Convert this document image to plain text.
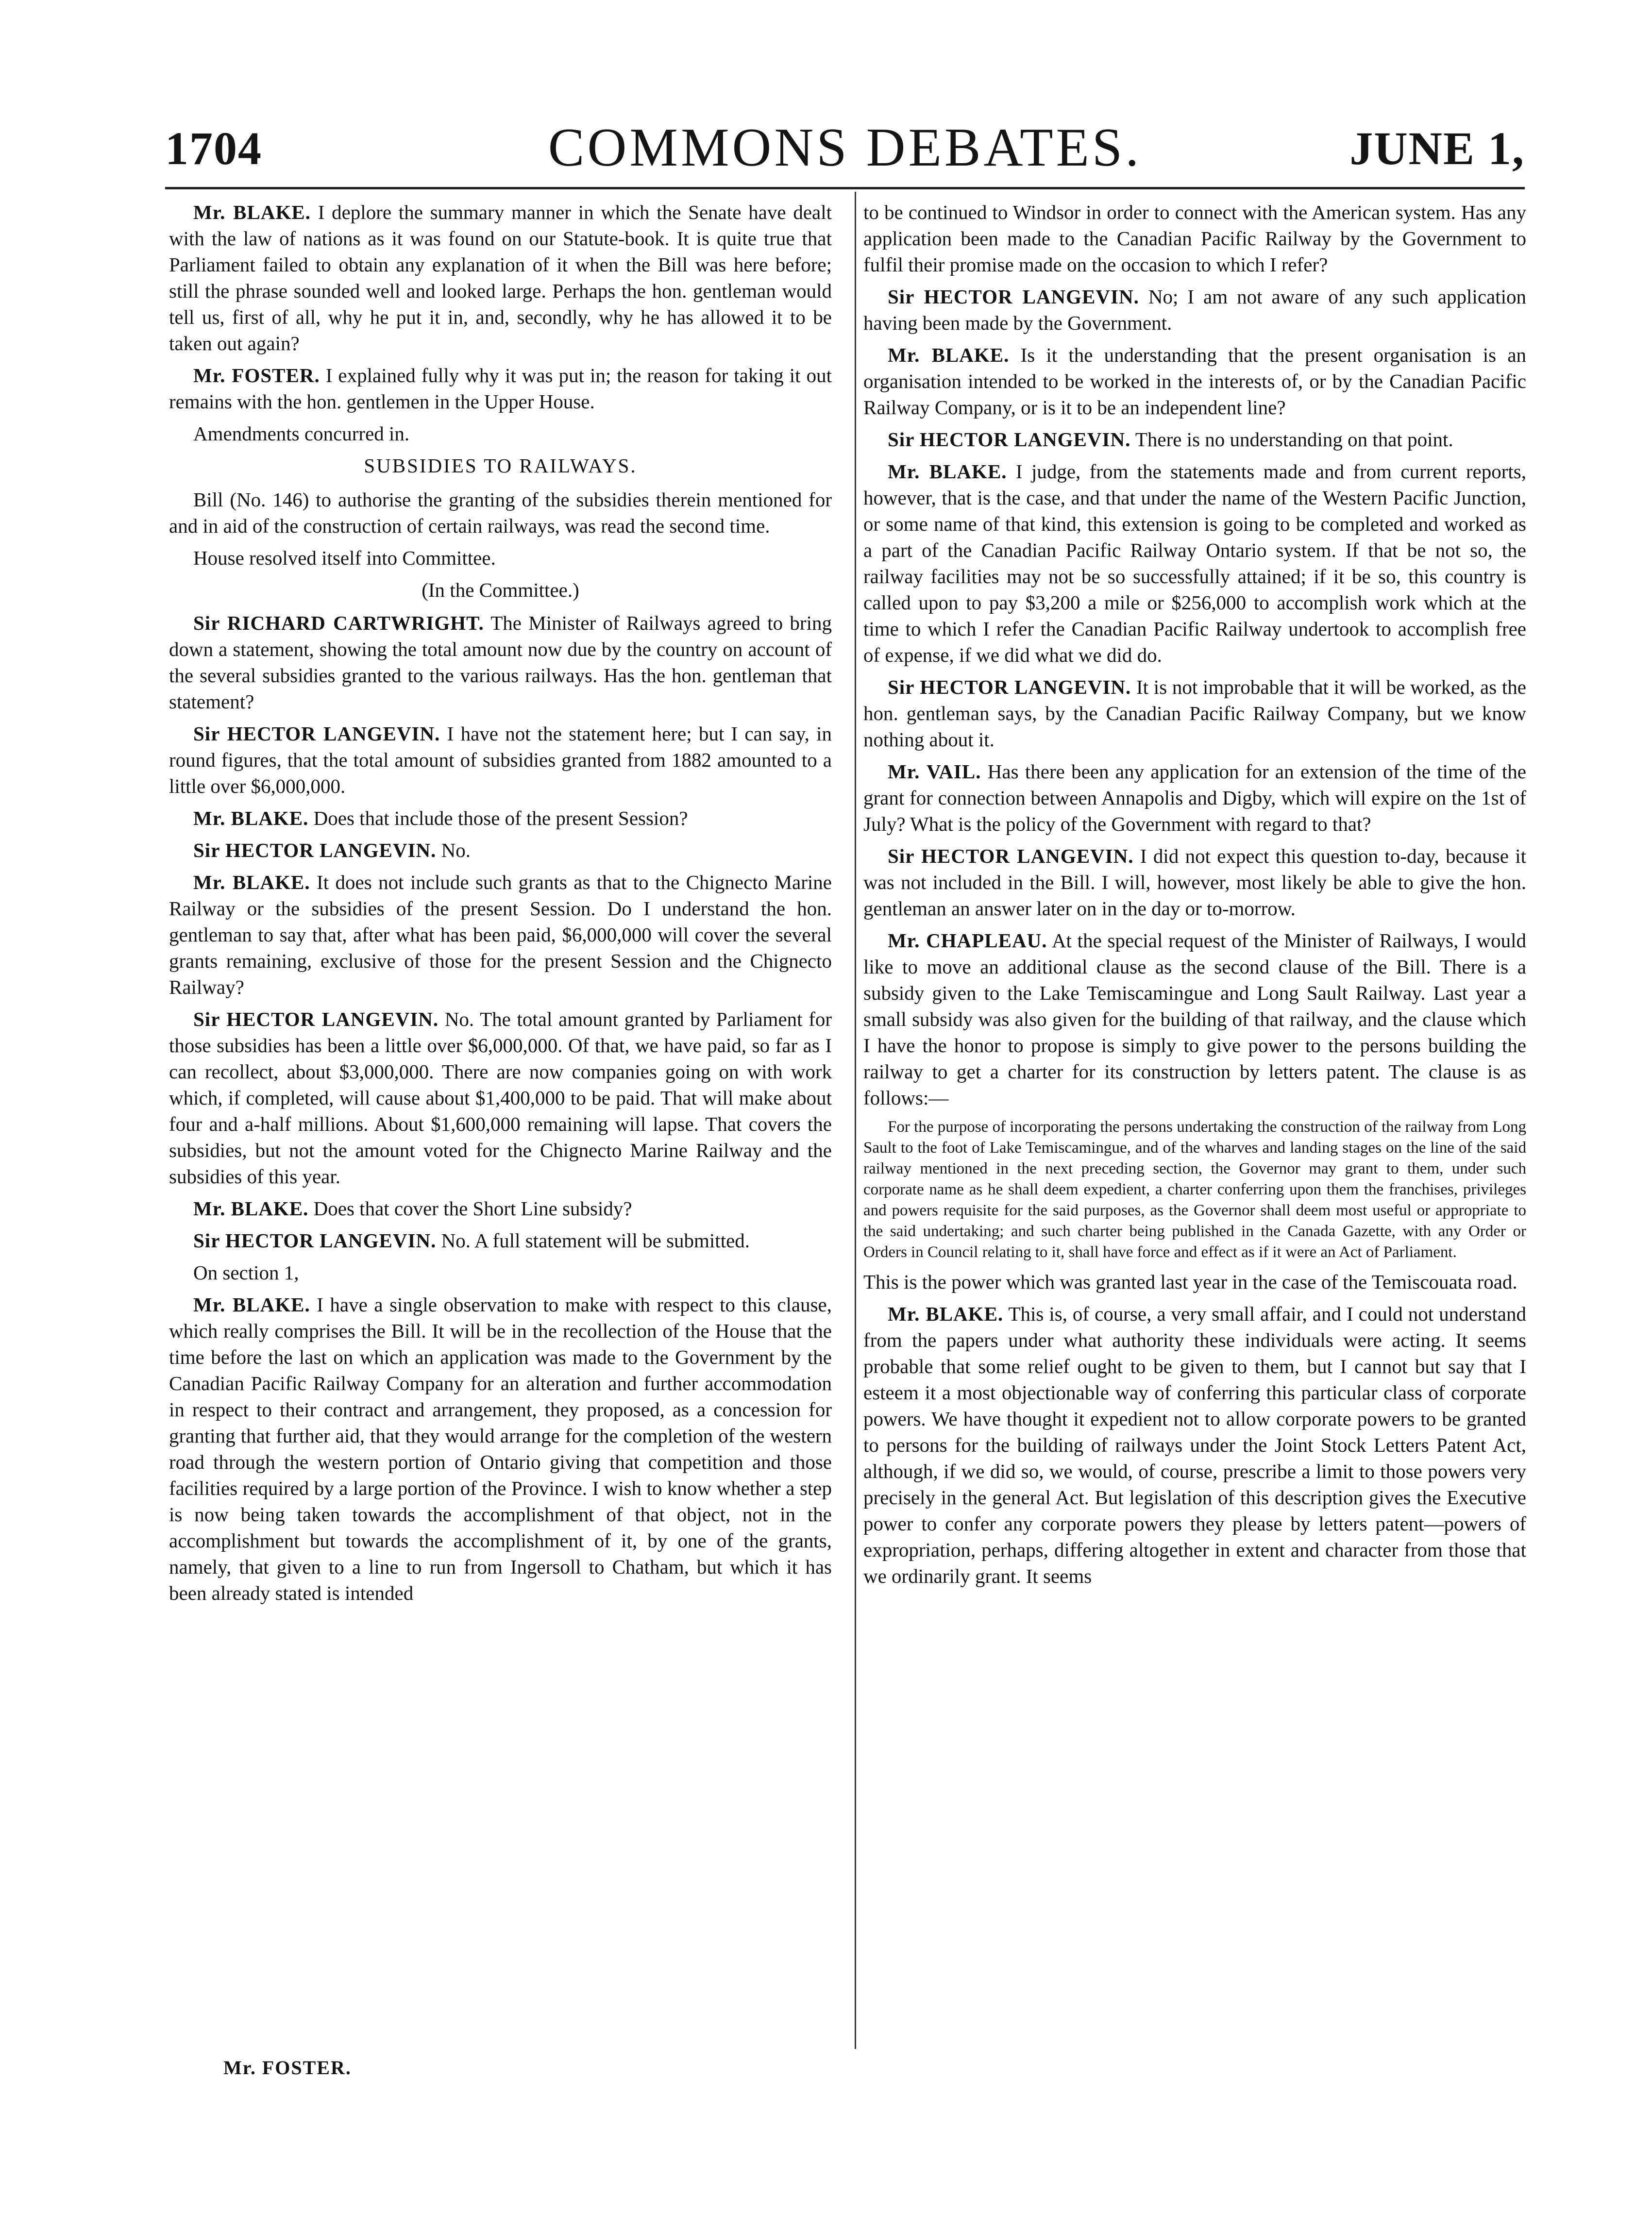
1704	COMMONS DEBATES.	JUNE 1,

Mr. BLAKE. I deplore the summary manner in which the Senate have dealt with the law of nations as it was found on our Statute-book. It is quite true that Parliament failed to obtain any explanation of it when the Bill was here before; still the phrase sounded well and looked large. Perhaps the hon. gentleman would tell us, first of all, why he put it in, and, secondly, why he has allowed it to be taken out again?

Mr. FOSTER. I explained fully why it was put in; the reason for taking it out remains with the hon. gentlemen in the Upper House.

Amendments concurred in.

SUBSIDIES TO RAILWAYS.

Bill (No. 146) to authorise the granting of the subsidies therein mentioned for and in aid of the construction of certain railways, was read the second time.

House resolved itself into Committee.

(In the Committee.)

Sir RICHARD CARTWRIGHT. The Minister of Railways agreed to bring down a statement, showing the total amount now due by the country on account of the several subsidies granted to the various railways. Has the hon. gentleman that statement?

Sir HECTOR LANGEVIN. I have not the statement here; but I can say, in round figures, that the total amount of subsidies granted from 1882 amounted to a little over $6,000,000.

Mr. BLAKE. Does that include those of the present Session?

Sir HECTOR LANGEVIN. No.

Mr. BLAKE. It does not include such grants as that to the Chignecto Marine Railway or the subsidies of the present Session. Do I understand the hon. gentleman to say that, after what has been paid, $6,000,000 will cover the several grants remaining, exclusive of those for the present Session and the Chignecto Railway?

Sir HECTOR LANGEVIN. No. The total amount granted by Parliament for those subsidies has been a little over $6,000,000. Of that, we have paid, so far as I can recollect, about $3,000,000. There are now companies going on with work which, if completed, will cause about $1,400,000 to be paid. That will make about four and a-half millions. About $1,600,000 remaining will lapse. That covers the subsidies, but not the amount voted for the Chignecto Marine Railway and the subsidies of this year.

Mr. BLAKE. Does that cover the Short Line subsidy?

Sir HECTOR LANGEVIN. No. A full statement will be submitted.

On section 1,

Mr. BLAKE. I have a single observation to make with respect to this clause, which really comprises the Bill. It will be in the recollection of the House that the time before the last on which an application was made to the Government by the Canadian Pacific Railway Company for an alteration and further accommodation in respect to their contract and arrangement, they proposed, as a concession for granting that further aid, that they would arrange for the completion of the western road through the western portion of Ontario giving that competition and those facilities required by a large portion of the Province. I wish to know whether a step is now being taken towards the accomplishment of that object, not in the accomplishment but towards the accomplishment of it, by one of the grants, namely, that given to a line to run from Ingersoll to Chatham, but which it has been already stated is intended

to be continued to Windsor in order to connect with the American system. Has any application been made to the Canadian Pacific Railway by the Government to fulfil their promise made on the occasion to which I refer?

Sir HECTOR LANGEVIN. No; I am not aware of any such application having been made by the Government.

Mr. BLAKE. Is it the understanding that the present organisation is an organisation intended to be worked in the interests of, or by the Canadian Pacific Railway Company, or is it to be an independent line?

Sir HECTOR LANGEVIN. There is no understanding on that point.

Mr. BLAKE. I judge, from the statements made and from current reports, however, that is the case, and that under the name of the Western Pacific Junction, or some name of that kind, this extension is going to be completed and worked as a part of the Canadian Pacific Railway Ontario system. If that be not so, the railway facilities may not be so successfully attained; if it be so, this country is called upon to pay $3,200 a mile or $256,000 to accomplish work which at the time to which I refer the Canadian Pacific Railway undertook to accomplish free of expense, if we did what we did do.

Sir HECTOR LANGEVIN. It is not improbable that it will be worked, as the hon. gentleman says, by the Canadian Pacific Railway Company, but we know nothing about it.

Mr. VAIL. Has there been any application for an extension of the time of the grant for connection between Annapolis and Digby, which will expire on the 1st of July? What is the policy of the Government with regard to that?

Sir HECTOR LANGEVIN. I did not expect this question to-day, because it was not included in the Bill. I will, however, most likely be able to give the hon. gentleman an answer later on in the day or to-morrow.

Mr. CHAPLEAU. At the special request of the Minister of Railways, I would like to move an additional clause as the second clause of the Bill. There is a subsidy given to the Lake Temiscamingue and Long Sault Railway. Last year a small subsidy was also given for the building of that railway, and the clause which I have the honor to propose is simply to give power to the persons building the railway to get a charter for its construction by letters patent. The clause is as follows:—

For the purpose of incorporating the persons undertaking the construction of the railway from Long Sault to the foot of Lake Temiscamingue, and of the wharves and landing stages on the line of the said railway mentioned in the next preceding section, the Governor may grant to them, under such corporate name as he shall deem expedient, a charter conferring upon them the franchises, privileges and powers requisite for the said purposes, as the Governor shall deem most useful or appropriate to the said undertaking; and such charter being published in the Canada Gazette, with any Order or Orders in Council relating to it, shall have force and effect as if it were an Act of Parliament.

This is the power which was granted last year in the case of the Temiscouata road.

Mr. BLAKE. This is, of course, a very small affair, and I could not understand from the papers under what authority these individuals were acting. It seems probable that some relief ought to be given to them, but I cannot but say that I esteem it a most objectionable way of conferring this particular class of corporate powers. We have thought it expedient not to allow corporate powers to be granted to persons for the building of railways under the Joint Stock Letters Patent Act, although, if we did so, we would, of course, prescribe a limit to those powers very precisely in the general Act. But legislation of this description gives the Executive power to confer any corporate powers they please by letters patent—powers of expropriation, perhaps, differing altogether in extent and character from those that we ordinarily grant. It seems

Mr. FOSTER.
